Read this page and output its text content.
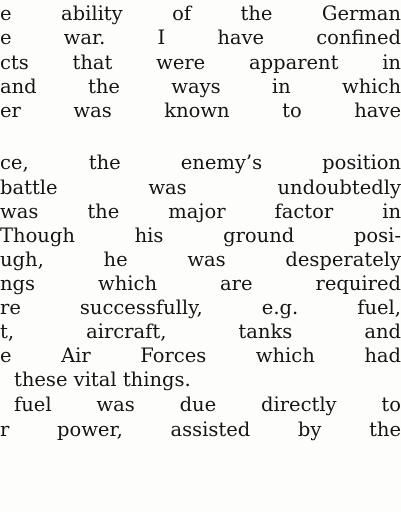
e ability of the German
e war. I have confined
cts that were apparent in
and the ways in which
er was known to have
ce, the enemy’s position
battle was undoubtedly
was the major factor in
Though his ground posi-
ugh, he was desperately
ngs which are required
re successfully, e.g. fuel,
t, aircraft, tanks and
e Air Forces which had
these vital things.
fuel was due directly to
r power, assisted by the
